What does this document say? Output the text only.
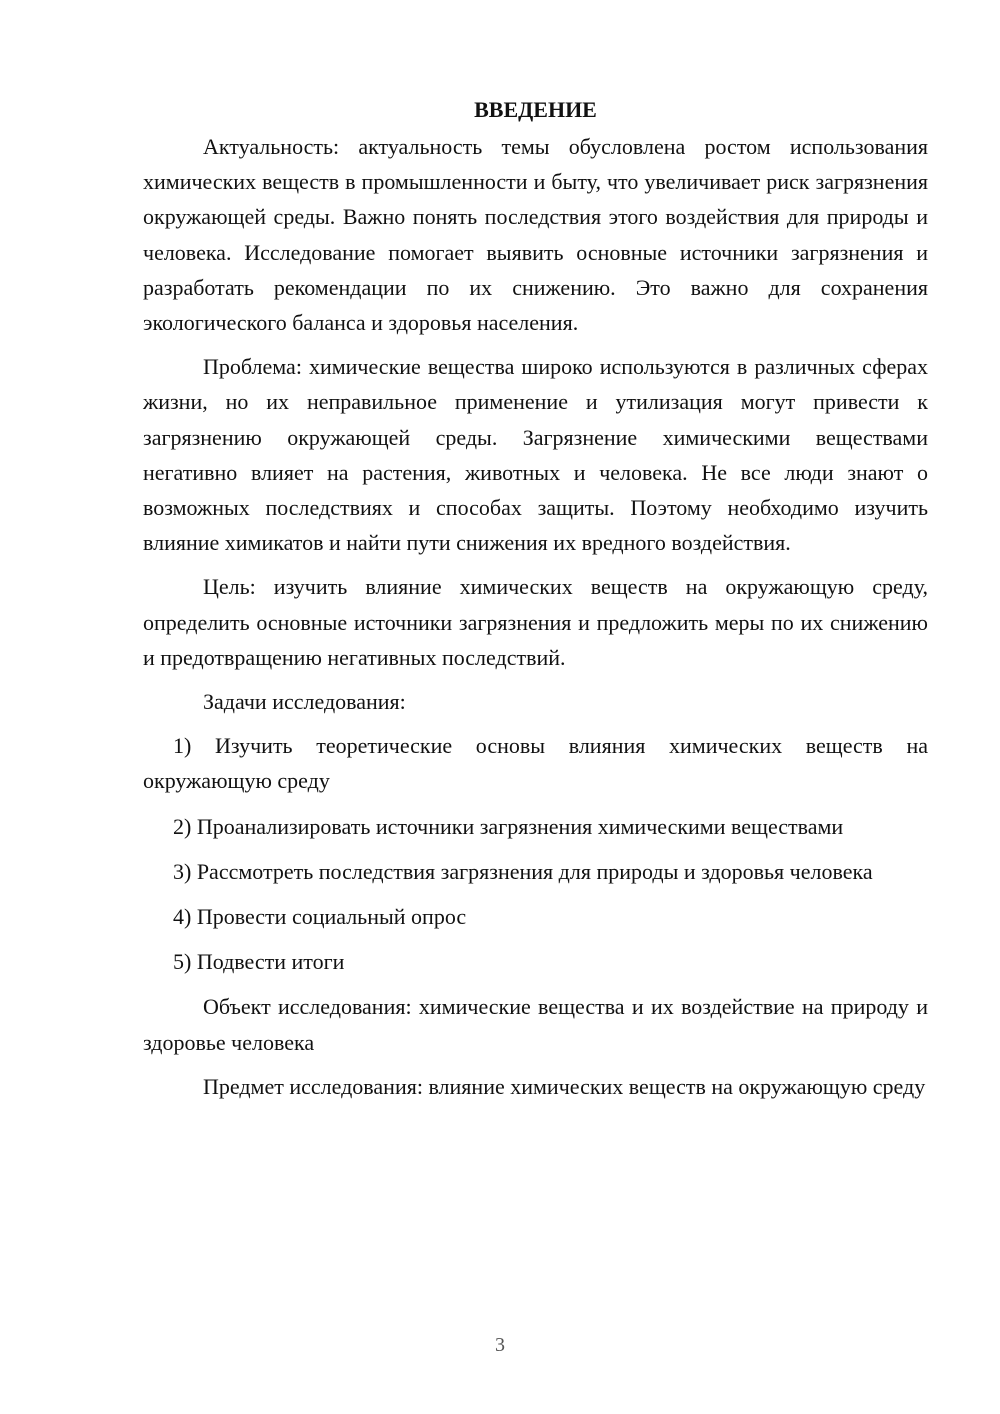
ВВЕДЕНИЕ

Актуальность: актуальность темы обусловлена ростом использования химических веществ в промышленности и быту, что увеличивает риск загрязнения окружающей среды. Важно понять последствия этого воздействия для природы и человека. Исследование помогает выявить основные источники загрязнения и разработать рекомендации по их снижению. Это важно для сохранения экологического баланса и здоровья населения.

Проблема: химические вещества широко используются в различных сферах жизни, но их неправильное применение и утилизация могут привести к загрязнению окружающей среды. Загрязнение химическими веществами негативно влияет на растения, животных и человека. Не все люди знают о возможных последствиях и способах защиты. Поэтому необходимо изучить влияние химикатов и найти пути снижения их вредного воздействия.

Цель: изучить влияние химических веществ на окружающую среду, определить основные источники загрязнения и предложить меры по их снижению и предотвращению негативных последствий.

Задачи исследования:

1) Изучить теоретические основы влияния химических веществ на окружающую среду

2) Проанализировать источники загрязнения химическими веществами

3) Рассмотреть последствия загрязнения для природы и здоровья человека

4) Провести социальный опрос

5) Подвести итоги

Объект исследования: химические вещества и их воздействие на природу и здоровье человека

Предмет исследования: влияние химических веществ на окружающую среду

3
